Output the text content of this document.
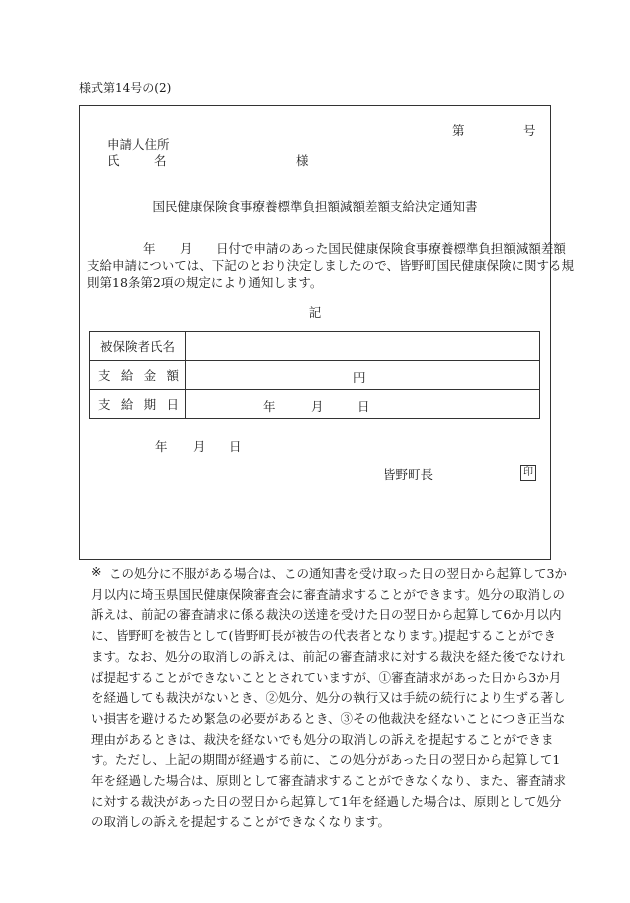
様式第14号の(2)
第	号
申請人住所
氏	名	様
国民健康保険食事療養標準負担額減額差額支給決定通知書
年 月 日付で申請のあった国民健康保険食事療養標準負担額減額差額
支給申請については、下記のとおり決定しましたので、皆野町国民健康保険に関する規
則第18条第2項の規定により通知します。
記
被保険者氏名	

支 給 金 額	円

支 給 期 日	年 月 日
年 月 日
皆野町長	印
※ この処分に不服がある場合は、この通知書を受け取った日の翌日から起算して3か
月以内に埼玉県国民健康保険審査会に審査請求することができます。処分の取消しの
訴えは、前記の審査請求に係る裁決の送達を受けた日の翌日から起算して6か月以内
に、皆野町を被告として(皆野町長が被告の代表者となります。)提起することができ
ます。なお、処分の取消しの訴えは、前記の審査請求に対する裁決を経た後でなけれ
ば提起することができないこととされていますが、①審査請求があった日から3か月
を経過しても裁決がないとき、②処分、処分の執行又は手続の続行により生ずる著し
い損害を避けるため緊急の必要があるとき、③その他裁決を経ないことにつき正当な
理由があるときは、裁決を経ないでも処分の取消しの訴えを提起することができま
す。ただし、上記の期間が経過する前に、この処分があった日の翌日から起算して1
年を経過した場合は、原則として審査請求することができなくなり、また、審査請求
に対する裁決があった日の翌日から起算して1年を経過した場合は、原則として処分
の取消しの訴えを提起することができなくなります。
